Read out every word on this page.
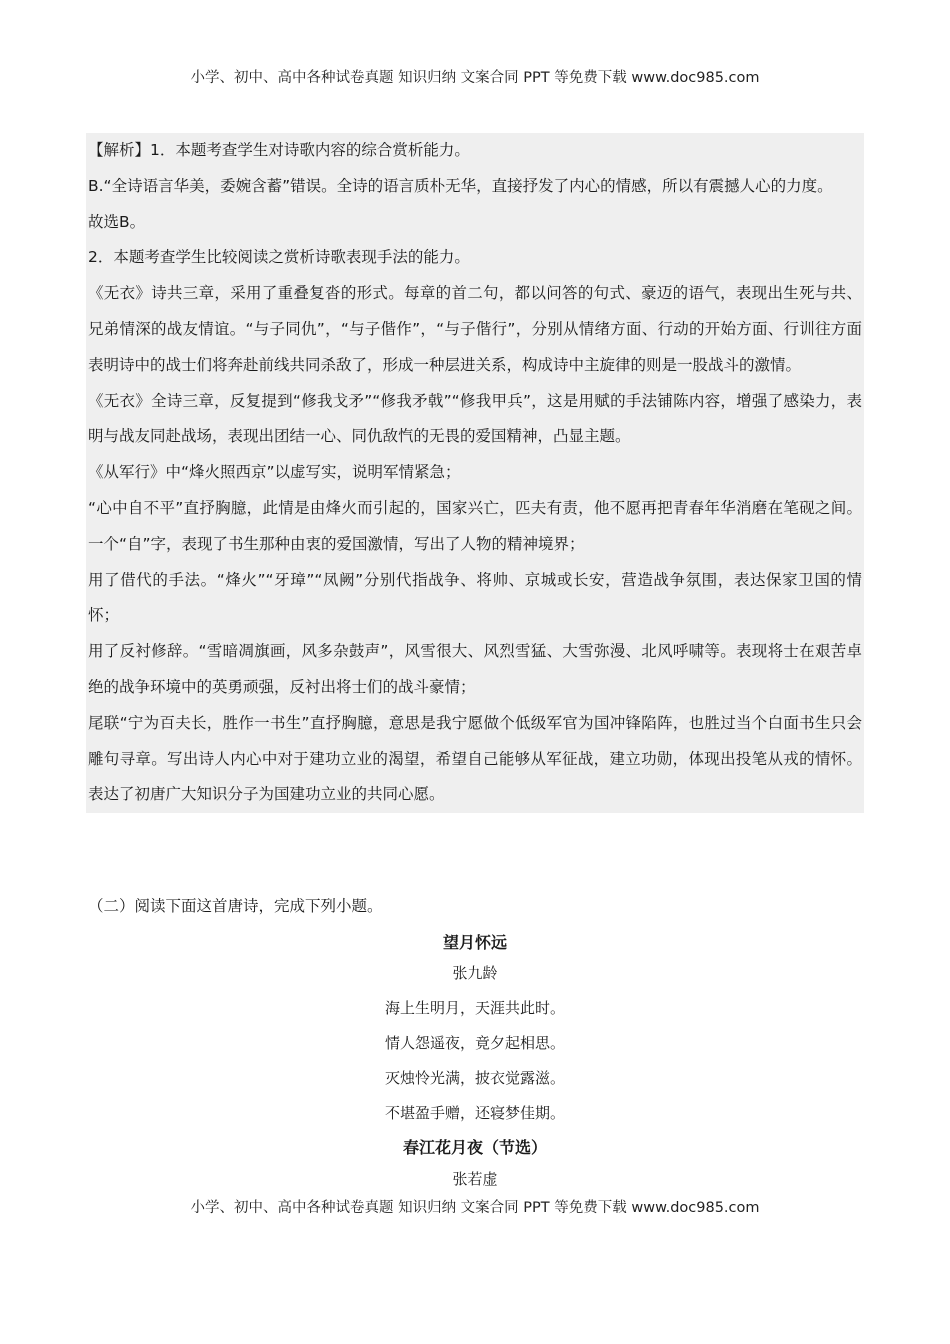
小学、初中、高中各种试卷真题 知识归纳 文案合同 PPT 等免费下载 www.doc985.com

【解析】1．本题考查学生对诗歌内容的综合赏析能力。

B.“全诗语言华美，委婉含蓄”错误。全诗的语言质朴无华，直接抒发了内心的情感，所以有震撼人心的力度。

故选B。

2．本题考查学生比较阅读之赏析诗歌表现手法的能力。

《无衣》诗共三章，采用了重叠复沓的形式。每章的首二句，都以问答的句式、豪迈的语气，表现出生死与共、兄弟情深的战友情谊。“与子同仇”，“与子偕作”，“与子偕行”，分别从情绪方面、行动的开始方面、行训往方面表明诗中的战士们将奔赴前线共同杀敌了，形成一种层进关系，构成诗中主旋律的则是一股战斗的激情。

《无衣》全诗三章，反复提到“修我戈矛”“修我矛戟”“修我甲兵”，这是用赋的手法铺陈内容，增强了感染力，表明与战友同赴战场，表现出团结一心、同仇敌忾的无畏的爱国精神，凸显主题。

《从军行》中“烽火照西京”以虚写实，说明军情紧急；

“心中自不平”直抒胸臆，此情是由烽火而引起的，国家兴亡，匹夫有责，他不愿再把青春年华消磨在笔砚之间。一个“自”字，表现了书生那种由衷的爱国激情，写出了人物的精神境界；

用了借代的手法。“烽火”“牙璋”“凤阙”分别代指战争、将帅、京城或长安，营造战争氛围，表达保家卫国的情怀；

用了反衬修辞。“雪暗凋旗画，风多杂鼓声”，风雪很大、风烈雪猛、大雪弥漫、北风呼啸等。表现将士在艰苦卓绝的战争环境中的英勇顽强，反衬出将士们的战斗豪情；

尾联“宁为百夫长，胜作一书生”直抒胸臆，意思是我宁愿做个低级军官为国冲锋陷阵，也胜过当个白面书生只会雕句寻章。写出诗人内心中对于建功立业的渴望，希望自己能够从军征战，建立功勋，体现出投笔从戎的情怀。表达了初唐广大知识分子为国建功立业的共同心愿。

（二）阅读下面这首唐诗，完成下列小题。
望月怀远
张九龄
海上生明月，天涯共此时。
情人怨遥夜，竟夕起相思。
灭烛怜光满，披衣觉露滋。
不堪盈手赠，还寝梦佳期。
春江花月夜（节选）
张若虚
小学、初中、高中各种试卷真题 知识归纳 文案合同 PPT 等免费下载 www.doc985.com
